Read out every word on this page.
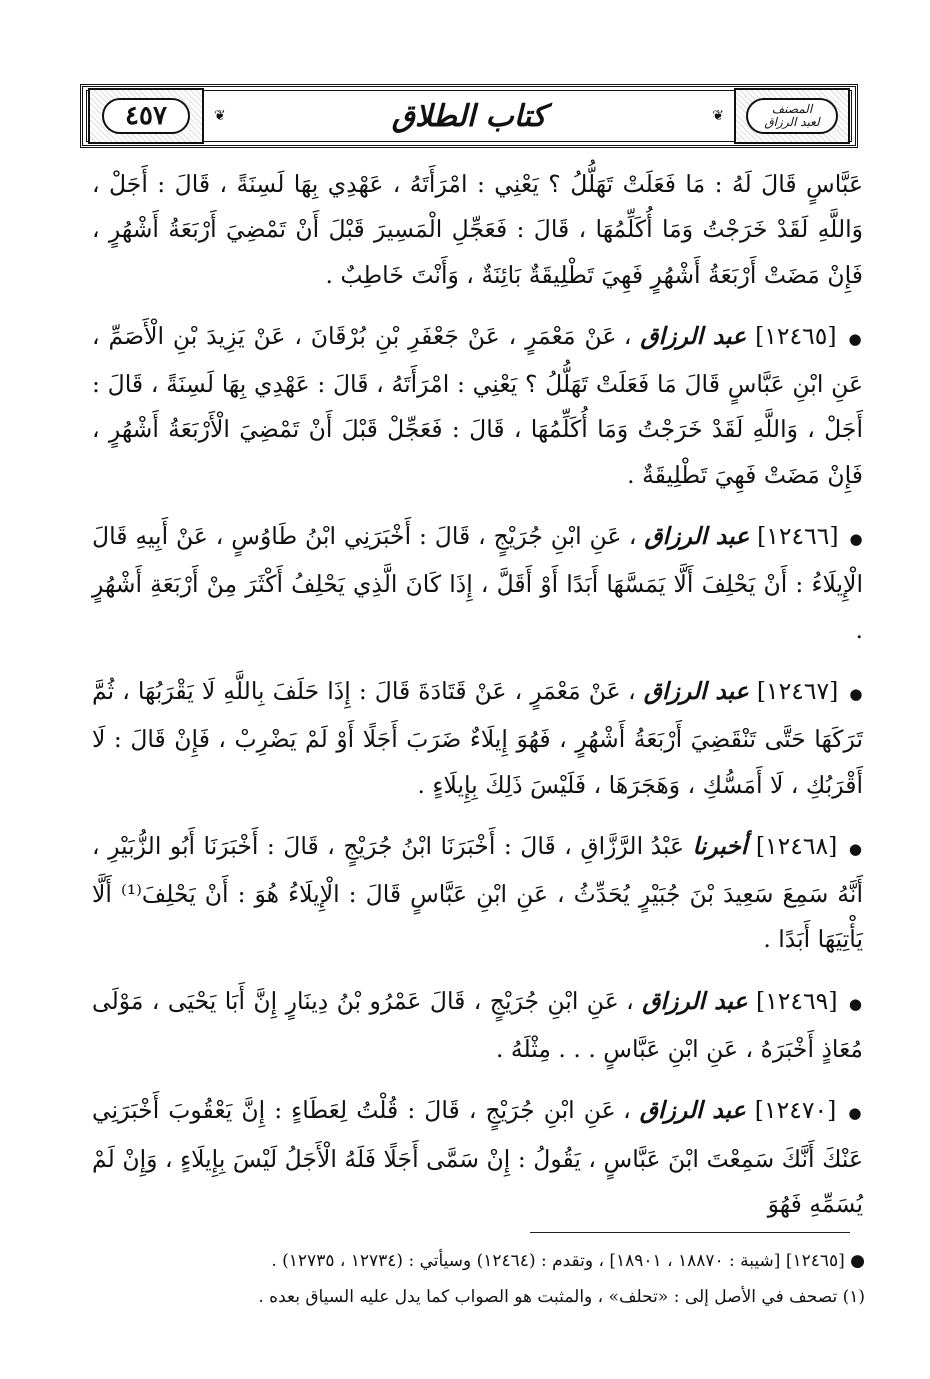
٤٥٧	❦	كتاب الطلاق	❦	المصنف
لعبد الرزاق

عَبَّاسٍ قَالَ لَهُ : مَا فَعَلَتْ تَهَلُّلُ ؟ يَعْنِي : امْرَأَتَهُ ، عَهْدِي بِهَا لَسِنَةً ، قَالَ : أَجَلْ ، وَاللَّهِ لَقَدْ خَرَجْتُ وَمَا أُكَلِّمُهَا ، قَالَ : فَعَجِّلِ الْمَسِيرَ قَبْلَ أَنْ تَمْضِيَ أَرْبَعَةُ أَشْهُرٍ ، فَإِنْ مَضَتْ أَرْبَعَةُ أَشْهُرٍ فَهِيَ تَطْلِيقَةٌ بَائِنَةٌ ، وَأَنْتَ خَاطِبٌ .

● [١٢٤٦٥] عبد الرزاق ، عَنْ مَعْمَرٍ ، عَنْ جَعْفَرِ بْنِ بُرْقَانَ ، عَنْ يَزِيدَ بْنِ الْأَصَمِّ ، عَنِ ابْنِ عَبَّاسٍ قَالَ مَا فَعَلَتْ تَهَلُّلُ ؟ يَعْنِي : امْرَأَتَهُ ، قَالَ : عَهْدِي بِهَا لَسِنَةً ، قَالَ : أَجَلْ ، وَاللَّهِ لَقَدْ خَرَجْتُ وَمَا أُكَلِّمُهَا ، قَالَ : فَعَجِّلْ قَبْلَ أَنْ تَمْضِيَ الْأَرْبَعَةُ أَشْهُرٍ ، فَإِنْ مَضَتْ فَهِيَ تَطْلِيقَةٌ .

● [١٢٤٦٦] عبد الرزاق ، عَنِ ابْنِ جُرَيْجٍ ، قَالَ : أَخْبَرَنِي ابْنُ طَاوُسٍ ، عَنْ أَبِيهِ قَالَ الْإِيلَاءُ : أَنْ يَحْلِفَ أَلَّا يَمَسَّهَا أَبَدًا أَوْ أَقَلَّ ، إِذَا كَانَ الَّذِي يَحْلِفُ أَكْثَرَ مِنْ أَرْبَعَةِ أَشْهُرٍ .

● [١٢٤٦٧] عبد الرزاق ، عَنْ مَعْمَرٍ ، عَنْ قَتَادَةَ قَالَ : إِذَا حَلَفَ بِاللَّهِ لَا يَقْرَبُهَا ، ثُمَّ تَرَكَهَا حَتَّى تَنْقَضِيَ أَرْبَعَةُ أَشْهُرٍ ، فَهُوَ إِيلَاءٌ ضَرَبَ أَجَلًا أَوْ لَمْ يَضْرِبْ ، فَإِنْ قَالَ : لَا أَقْرَبُكِ ، لَا أَمَسُّكِ ، وَهَجَرَهَا ، فَلَيْسَ ذَلِكَ بِإِيلَاءٍ .

● [١٢٤٦٨] أخبرنا عَبْدُ الرَّزَّاقِ ، قَالَ : أَخْبَرَنَا ابْنُ جُرَيْجٍ ، قَالَ : أَخْبَرَنَا أَبُو الزُّبَيْرِ ، أَنَّهُ سَمِعَ سَعِيدَ بْنَ جُبَيْرٍ يُحَدِّثُ ، عَنِ ابْنِ عَبَّاسٍ قَالَ : الْإِيلَاءُ هُوَ : أَنْ يَحْلِفَ⁽¹⁾ أَلَّا يَأْتِيَهَا أَبَدًا .

● [١٢٤٦٩] عبد الرزاق ، عَنِ ابْنِ جُرَيْجٍ ، قَالَ عَمْرُو بْنُ دِينَارٍ إِنَّ أَبَا يَحْيَى ، مَوْلَى مُعَاذٍ أَخْبَرَهُ ، عَنِ ابْنِ عَبَّاسٍ . . . مِثْلَهُ .

● [١٢٤٧٠] عبد الرزاق ، عَنِ ابْنِ جُرَيْجٍ ، قَالَ : قُلْتُ لِعَطَاءٍ : إِنَّ يَعْقُوبَ أَخْبَرَنِي عَنْكَ أَنَّكَ سَمِعْتَ ابْنَ عَبَّاسٍ ، يَقُولُ : إِنْ سَمَّى أَجَلًا فَلَهُ الْأَجَلُ لَيْسَ بِإِيلَاءٍ ، وَإِنْ لَمْ يُسَمِّهِ فَهُوَ

● [١٢٤٦٥] [شيبة : ١٨٨٧٠ ، ١٨٩٠١] ، وتقدم : (١٢٤٦٤) وسيأتي : (١٢٧٣٤ ، ١٢٧٣٥) .

(١) تصحف في الأصل إلى : «تحلف» ، والمثبت هو الصواب كما يدل عليه السياق بعده .
